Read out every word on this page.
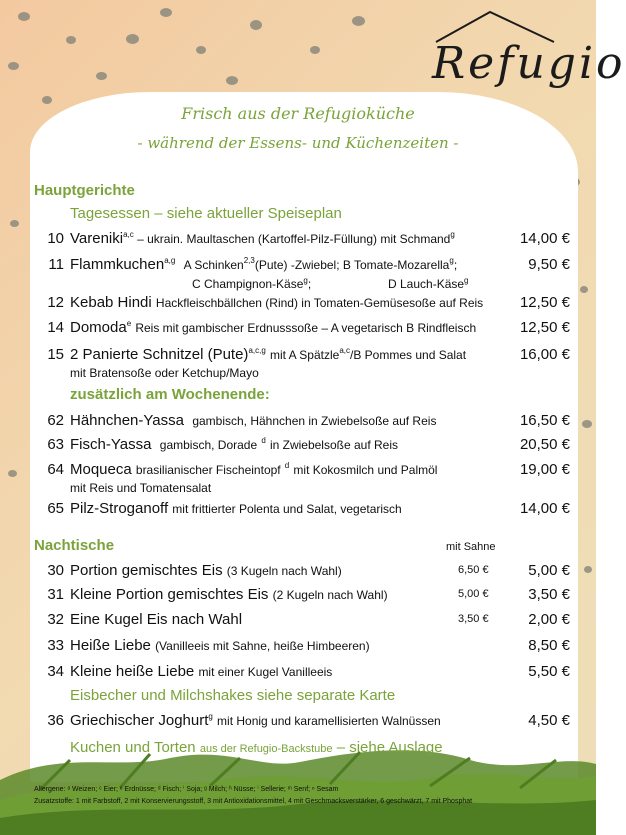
Refugio
Frisch aus der Refugioküche
- während der Essens- und Küchenzeiten -
Hauptgerichte
Tagesessen – siehe aktueller Speiseplan
10 Vareniki$^{a,c}$ – ukrain. Maultaschen (Kartoffel-Pilz-Füllung) mit Schmand$^g$	14,00 €
11 Flammkuchen$^{a,g}$ A Schinken$^{2,3}$(Pute) -Zwiebel; B Tomate-Mozarella$^g$;	9,50 €
C Champignon-Käse$^g$;	D Lauch-Käse$^g$
12 Kebab Hindi Hackfleischbällchen (Rind) in Tomaten-Gemüsesoße auf Reis 12,50 €
14 Domoda$^e$ Reis mit gambischer Erdnusssoße – A vegetarisch B Rindfleisch	12,50 €
15 2 Panierte Schnitzel (Pute)$^{a,c,g}$ mit A Spätzle$^{a,c}$/B Pommes und Salat	16,00 €
mit Bratensoße oder Ketchup/Mayo
zusätzlich am Wochenende:
62 Hähnchen-Yassa gambisch, Hähnchen in Zwiebelsoße auf Reis	16,50 €
63 Fisch-Yassa gambisch, Dorade $^d$ in Zwiebelsoße auf Reis	20,50 €
64 Moqueca brasilianischer Fischeintopf $^d$ mit Kokosmilch und Palmöl	19,00 €
mit Reis und Tomatensalat
65 Pilz-Stroganoff mit frittierter Polenta und Salat, vegetarisch	14,00 €
Nachtische	mit Sahne
30 Portion gemischtes Eis (3 Kugeln nach Wahl)	6,50 €	5,00 €
31 Kleine Portion gemischtes Eis (2 Kugeln nach Wahl)	5,00 €	3,50 €
32 Eine Kugel Eis nach Wahl	3,50 €	2,00 €
33 Heiße Liebe (Vanilleeis mit Sahne, heiße Himbeeren)	8,50 €
34 Kleine heiße Liebe mit einer Kugel Vanilleeis	5,50 €
Eisbecher und Milchshakes siehe separate Karte
36 Griechischer Joghurt$^g$ mit Honig und karamellisierten Walnüssen	4,50 €
Kuchen und Torten aus der Refugio-Backstube – siehe Auslage
Allergene: ᵃ Weizen; ᶜ Eier; ᵉ Erdnüsse; ᵈ Fisch; ⁱ Soja; ᵍ Milch; ʰ Nüsse; ⁱ Sellerie; ᵐ Senf; ⁿ Sesam
Zusatzstoffe: 1 mit Farbstoff, 2 mit Konservierungsstoff, 3 mit Antioxidationsmittel, 4 mit Geschmacksverstärker, 6 geschwärzt, 7 mit Phosphat
